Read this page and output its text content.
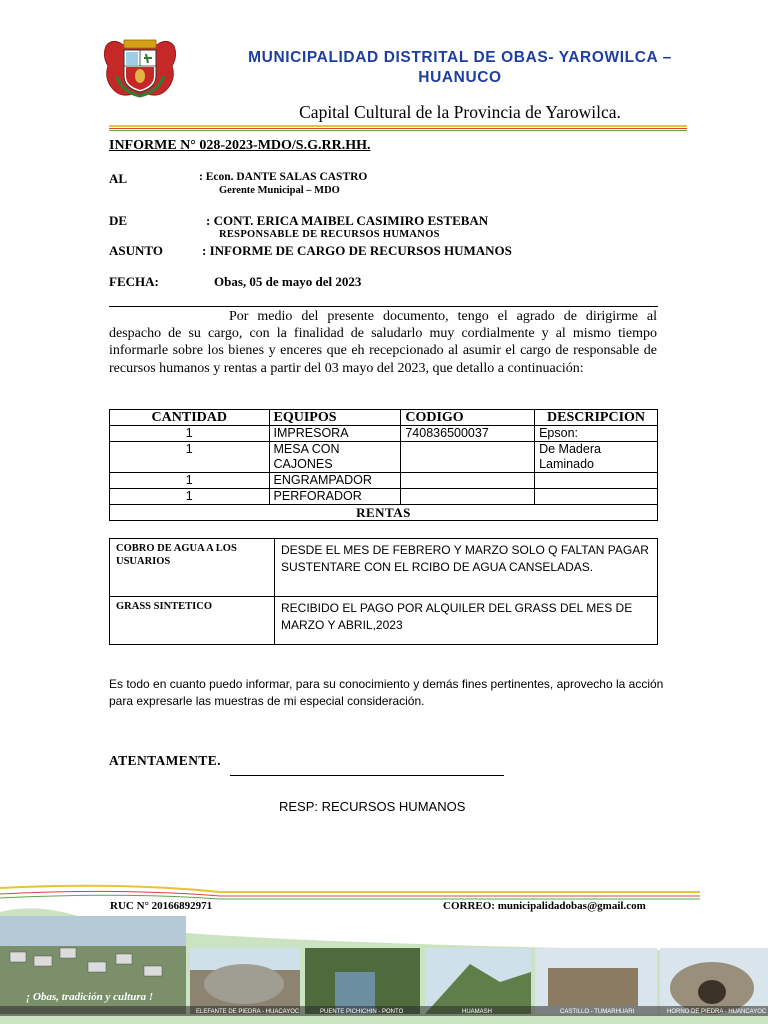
MUNICIPALIDAD DISTRITAL DE OBAS- YAROWILCA –
HUANUCO
Capital Cultural de la Provincia de Yarowilca.
INFORME N° 028-2023-MDO/S.G.RR.HH.
AL	: Econ. DANTE SALAS CASTRO
Gerente Municipal – MDO
DE	: CONT. ERICA MAIBEL CASIMIRO ESTEBAN
RESPONSABLE DE RECURSOS HUMANOS
ASUNTO	: INFORME DE CARGO DE RECURSOS HUMANOS
FECHA:	Obas, 05 de mayo del 2023
Por medio del presente documento, tengo el agrado de dirigirme al despacho de su cargo, con la finalidad de saludarlo muy cordialmente y al mismo tiempo informarle sobre los bienes y enceres que eh recepcionado al asumir el cargo de responsable de recursos humanos y rentas a partir del 03 mayo del 2023, que detallo a continuación:
CANTIDAD	EQUIPOS	CODIGO	DESCRIPCION
1	IMPRESORA	740836500037	Epson:
1	MESA CON CAJONES		De Madera Laminado
1	ENGRAMPADOR		
1	PERFORADOR		
RENTAS			
COBRO DE AGUA A LOS USUARIOS	DESDE EL MES DE FEBRERO Y MARZO SOLO Q FALTAN PAGAR SUSTENTARE CON EL RCIBO DE AGUA CANSELADAS.
GRASS SINTETICO	RECIBIDO EL PAGO POR ALQUILER DEL GRASS DEL MES DE MARZO Y ABRIL,2023
Es todo en cuanto puedo informar, para su conocimiento y demás fines pertinentes, aprovecho la acción para expresarle las muestras de mi especial consideración.
ATENTAMENTE.
RESP: RECURSOS HUMANOS
¡ Obas, tradición y cultura !
ELEFANTE DE PIEDRA - HUACAYOC	PUENTE PICHICHIN - PONTO	HUAMASH	CASTILLO - TUMARHUARI	HORNO DE PIEDRA - HUANCAYOC
RUC N° 20166892971	CORREO: municipalidadobas@gmail.com
